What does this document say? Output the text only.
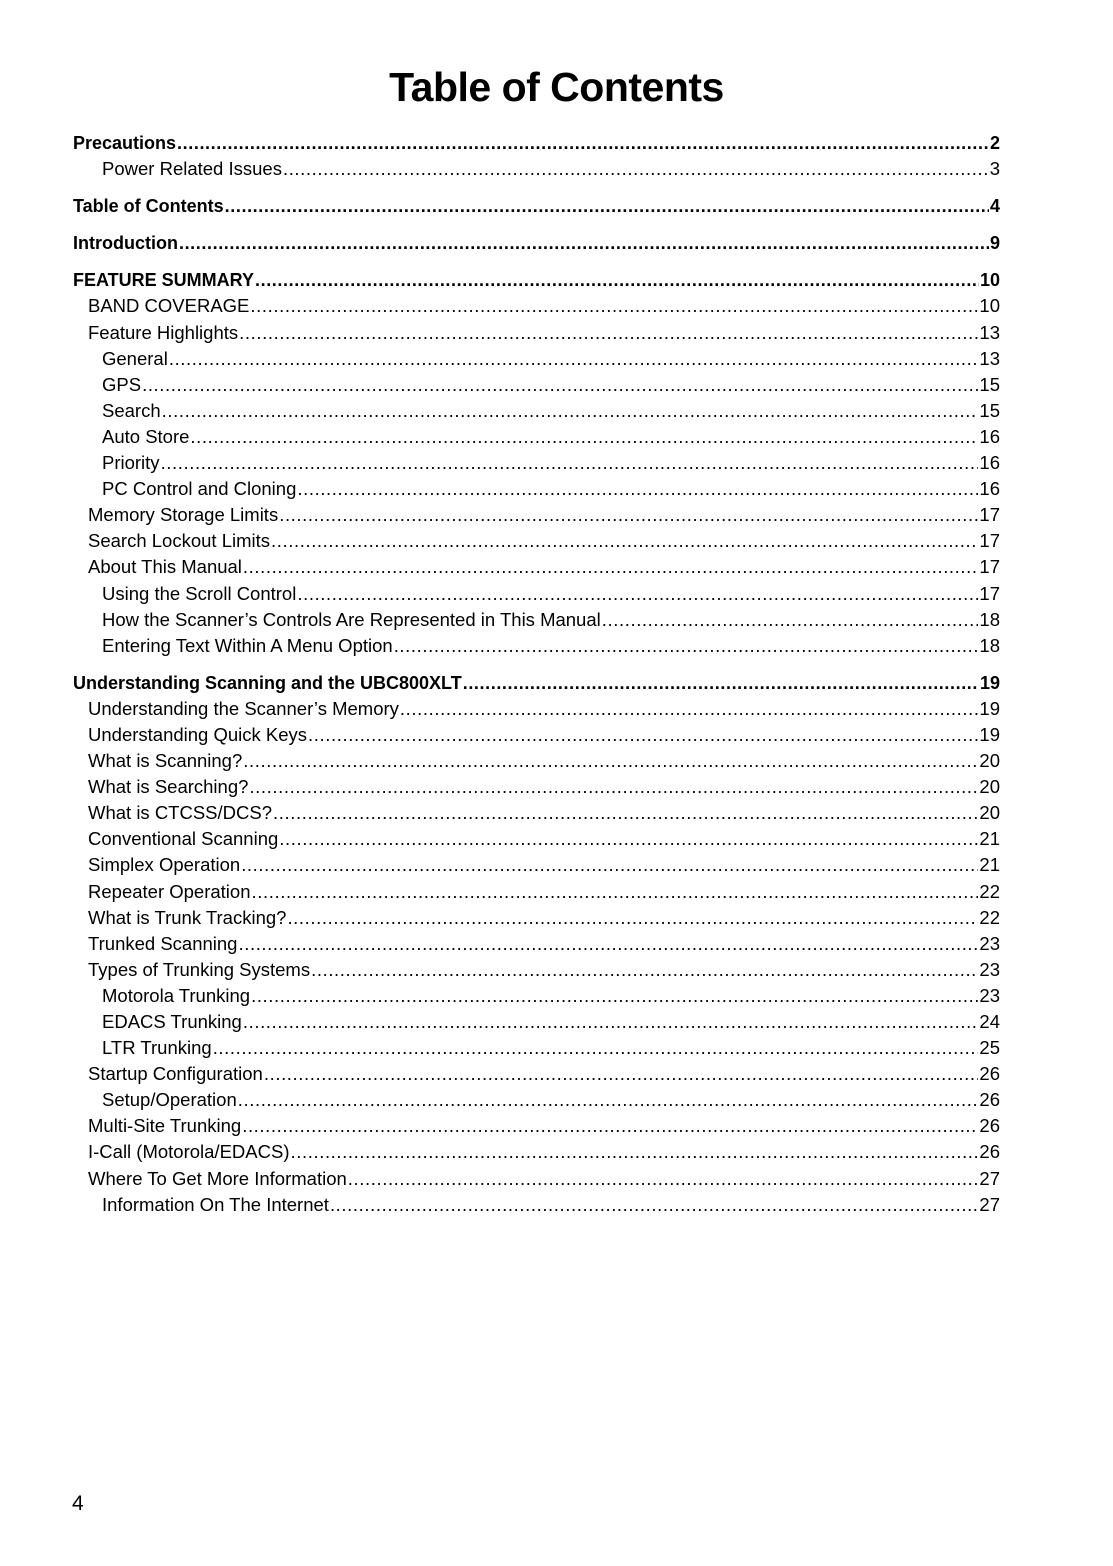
Table of Contents
Precautions .....	2
Power Related Issues .....	3
Table of Contents .....	4
Introduction .....	9
FEATURE SUMMARY .....	10
BAND COVERAGE .....	10
Feature Highlights .....	13
General .....	13
GPS .....	15
Search .....	15
Auto Store .....	16
Priority .....	16
PC Control and Cloning .....	16
Memory Storage Limits .....	17
Search Lockout Limits .....	17
About This Manual .....	17
Using the Scroll Control .....	17
How the Scanner’s Controls Are Represented in This Manual .....	18
Entering Text Within A Menu Option .....	18
Understanding Scanning and the UBC800XLT .....	19
Understanding the Scanner’s Memory .....	19
Understanding Quick Keys .....	19
What is Scanning? .....	20
What is Searching? .....	20
What is CTCSS/DCS? .....	20
Conventional Scanning .....	21
Simplex Operation .....	21
Repeater Operation .....	22
What is Trunk Tracking? .....	22
Trunked Scanning .....	23
Types of Trunking Systems .....	23
Motorola Trunking .....	23
EDACS Trunking .....	24
LTR Trunking .....	25
Startup Configuration .....	26
Setup/Operation .....	26
Multi-Site Trunking .....	26
I-Call (Motorola/EDACS) .....	26
Where To Get More Information .....	27
Information On The Internet .....	27

4
